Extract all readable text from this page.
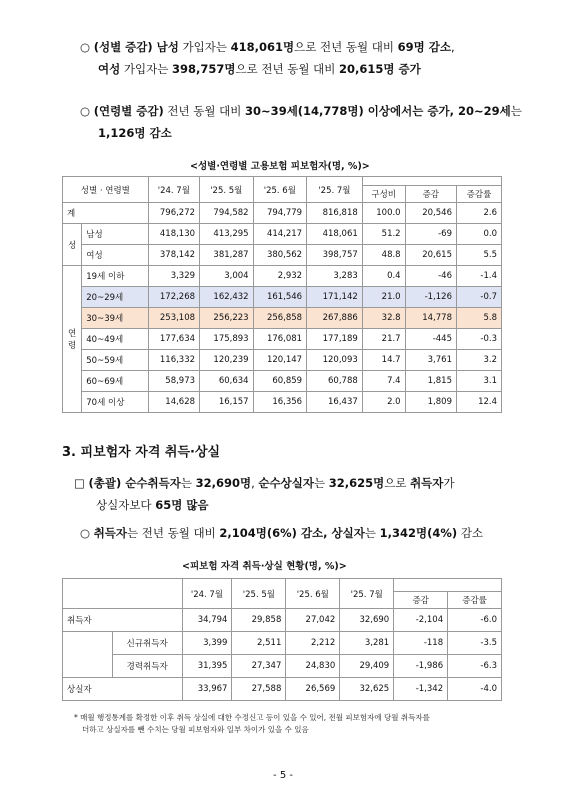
○ (성별 증감) 남성 가입자는 418,061명으로 전년 동월 대비 69명 감소,
여성 가입자는 398,757명으로 전년 동월 대비 20,615명 증가
○ (연령별 증감) 전년 동월 대비 30~39세(14,778명) 이상에서는 증가, 20~29세는
1,126명 감소
<성별·연령별 고용보험 피보험자(명, %)>
성별 · 연령별		'24. 7월	'25. 5월	'25. 6월	'25. 7월			
						구성비	증감	증감률
계		796,272	794,582	794,779	816,818	100.0	20,546	2.6
성	남성	418,130	413,295	414,217	418,061	51.2	-69	0.0
	여성	378,142	381,287	380,562	398,757	48.8	20,615	5.5
연령	19세 이하	3,329	3,004	2,932	3,283	0.4	-46	-1.4
	20~29세	172,268	162,432	161,546	171,142	21.0	-1,126	-0.7
	30~39세	253,108	256,223	256,858	267,886	32.8	14,778	5.8
	40~49세	177,634	175,893	176,081	177,189	21.7	-445	-0.3
	50~59세	116,332	120,239	120,147	120,093	14.7	3,761	3.2
	60~69세	58,973	60,634	60,859	60,788	7.4	1,815	3.1
	70세 이상	14,628	16,157	16,356	16,437	2.0	1,809	12.4
3. 피보험자 자격 취득·상실
□ (총괄) 순수취득자는 32,690명, 순수상실자는 32,625명으로 취득자가
상실자보다 65명 많음
○ 취득자는 전년 동월 대비 2,104명(6%) 감소, 상실자는 1,342명(4%) 감소
<피보험 자격 취득·상실 현황(명, %)>
		'24. 7월	'25. 5월	'25. 6월	'25. 7월		
						증감	증감률
취득자		34,794	29,858	27,042	32,690	-2,104	-6.0
	신규취득자	3,399	2,511	2,212	3,281	-118	-3.5
	경력취득자	31,395	27,347	24,830	29,409	-1,986	-6.3
상실자		33,967	27,588	26,569	32,625	-1,342	-4.0
* 매월 행정통계를 확정한 이후 취득 상실에 대한 수정신고 등이 있을 수 있어, 전월 피보험자에 당월 취득자를
더하고 상실자를 뺀 수치는 당월 피보험자와 일부 차이가 있을 수 있음
- 5 -
